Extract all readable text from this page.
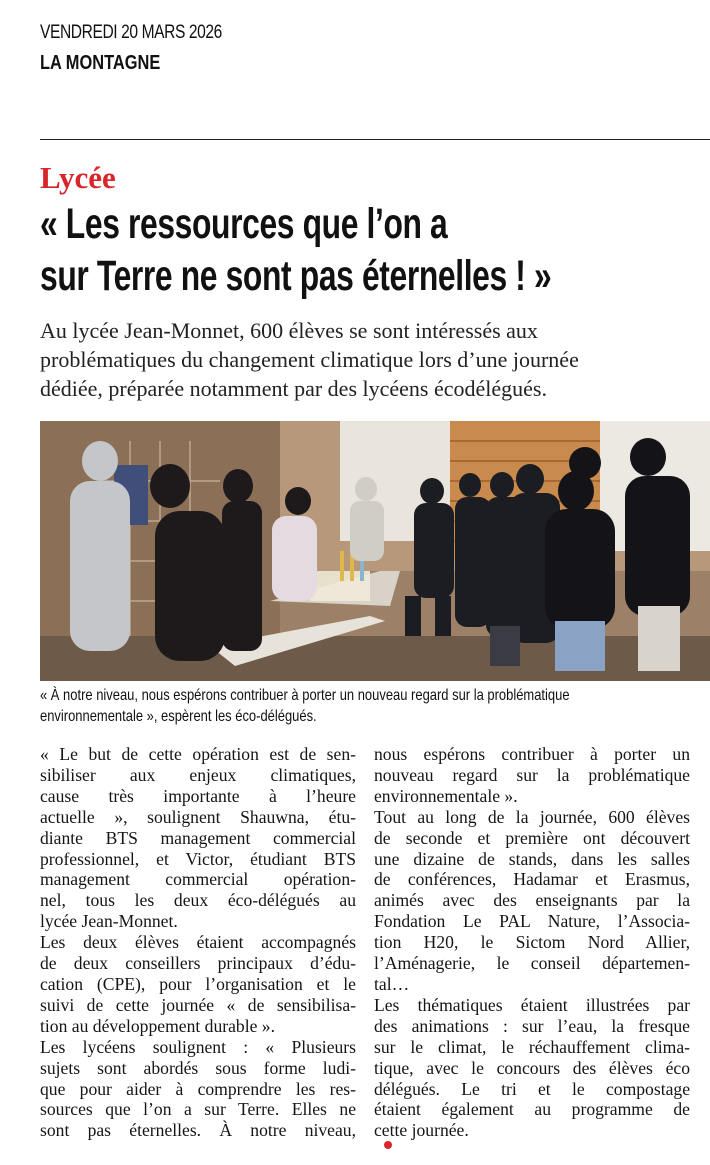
VENDREDI 20 MARS 2026
LA MONTAGNE
Lycée
« Les ressources que l’on a
sur Terre ne sont pas éternelles ! »
Au lycée Jean-Monnet, 600 élèves se sont intéressés aux
problématiques du changement climatique lors d’une journée
dédiée, préparée notamment par des lycéens écodélégués.
« À notre niveau, nous espérons contribuer à porter un nouveau regard sur la problématique
environnementale », espèrent les éco-délégués.
« Le but de cette opération est de sen-
sibiliser aux enjeux climatiques,
cause très importante à l’heure
actuelle », soulignent Shauwna, étu-
diante BTS management commercial
professionnel, et Victor, étudiant BTS
management commercial opération-
nel, tous les deux éco-délégués au
lycée Jean-Monnet.
Les deux élèves étaient accompagnés
de deux conseillers principaux d’édu-
cation (CPE), pour l’organisation et le
suivi de cette journée « de sensibilisa-
tion au développement durable ».
Les lycéens soulignent : « Plusieurs
sujets sont abordés sous forme ludi-
que pour aider à comprendre les res-
sources que l’on a sur Terre. Elles ne
sont pas éternelles. À notre niveau,
nous espérons contribuer à porter un
nouveau regard sur la problématique
environnementale ».
Tout au long de la journée, 600 élèves
de seconde et première ont découvert
une dizaine de stands, dans les salles
de conférences, Hadamar et Erasmus,
animés avec des enseignants par la
Fondation Le PAL Nature, l’Associa-
tion H20, le Sictom Nord Allier,
l’Aménagerie, le conseil départemen-
tal…
Les thématiques étaient illustrées par
des animations : sur l’eau, la fresque
sur le climat, le réchauffement clima-
tique, avec le concours des élèves éco
délégués. Le tri et le compostage
étaient également au programme de
cette journée.
